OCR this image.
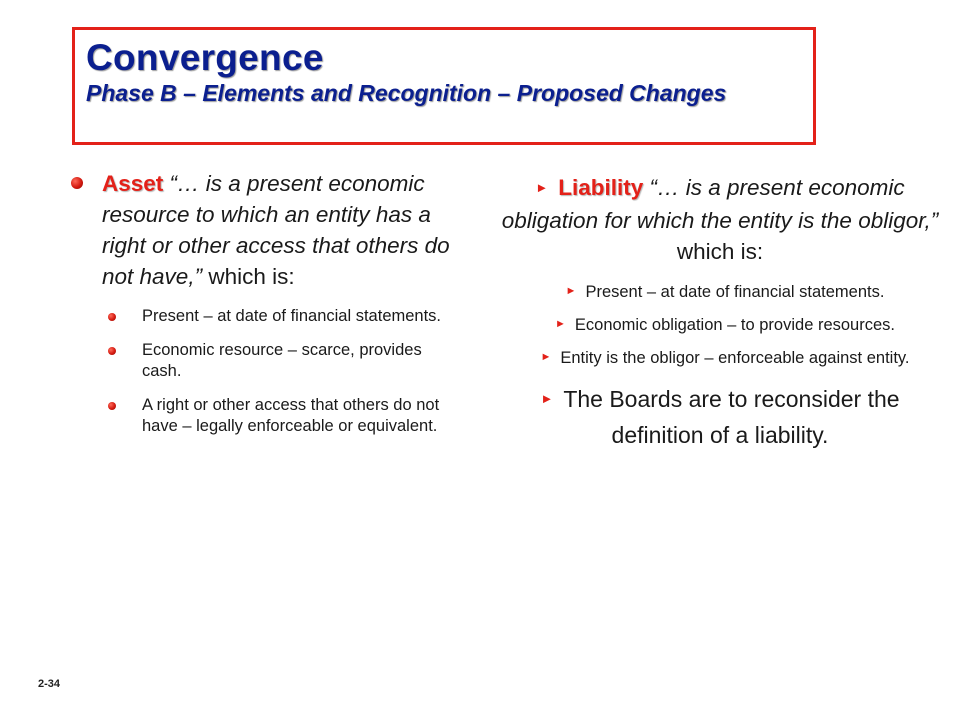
Convergence
Phase B – Elements and Recognition – Proposed Changes
Asset “… is a present economic resource to which an entity has a right or other access that others do not have,” which is:
Present – at date of financial statements.
Economic resource – scarce, provides cash.
A right or other access that others do not have – legally enforceable or equivalent.
► Liability “… is a present economic obligation for which the entity is the obligor,” which is:
► Present – at date of financial statements.
► Economic obligation – to provide resources.
► Entity is the obligor – enforceable against entity.
► The Boards are to reconsider the definition of a liability.
2-34
